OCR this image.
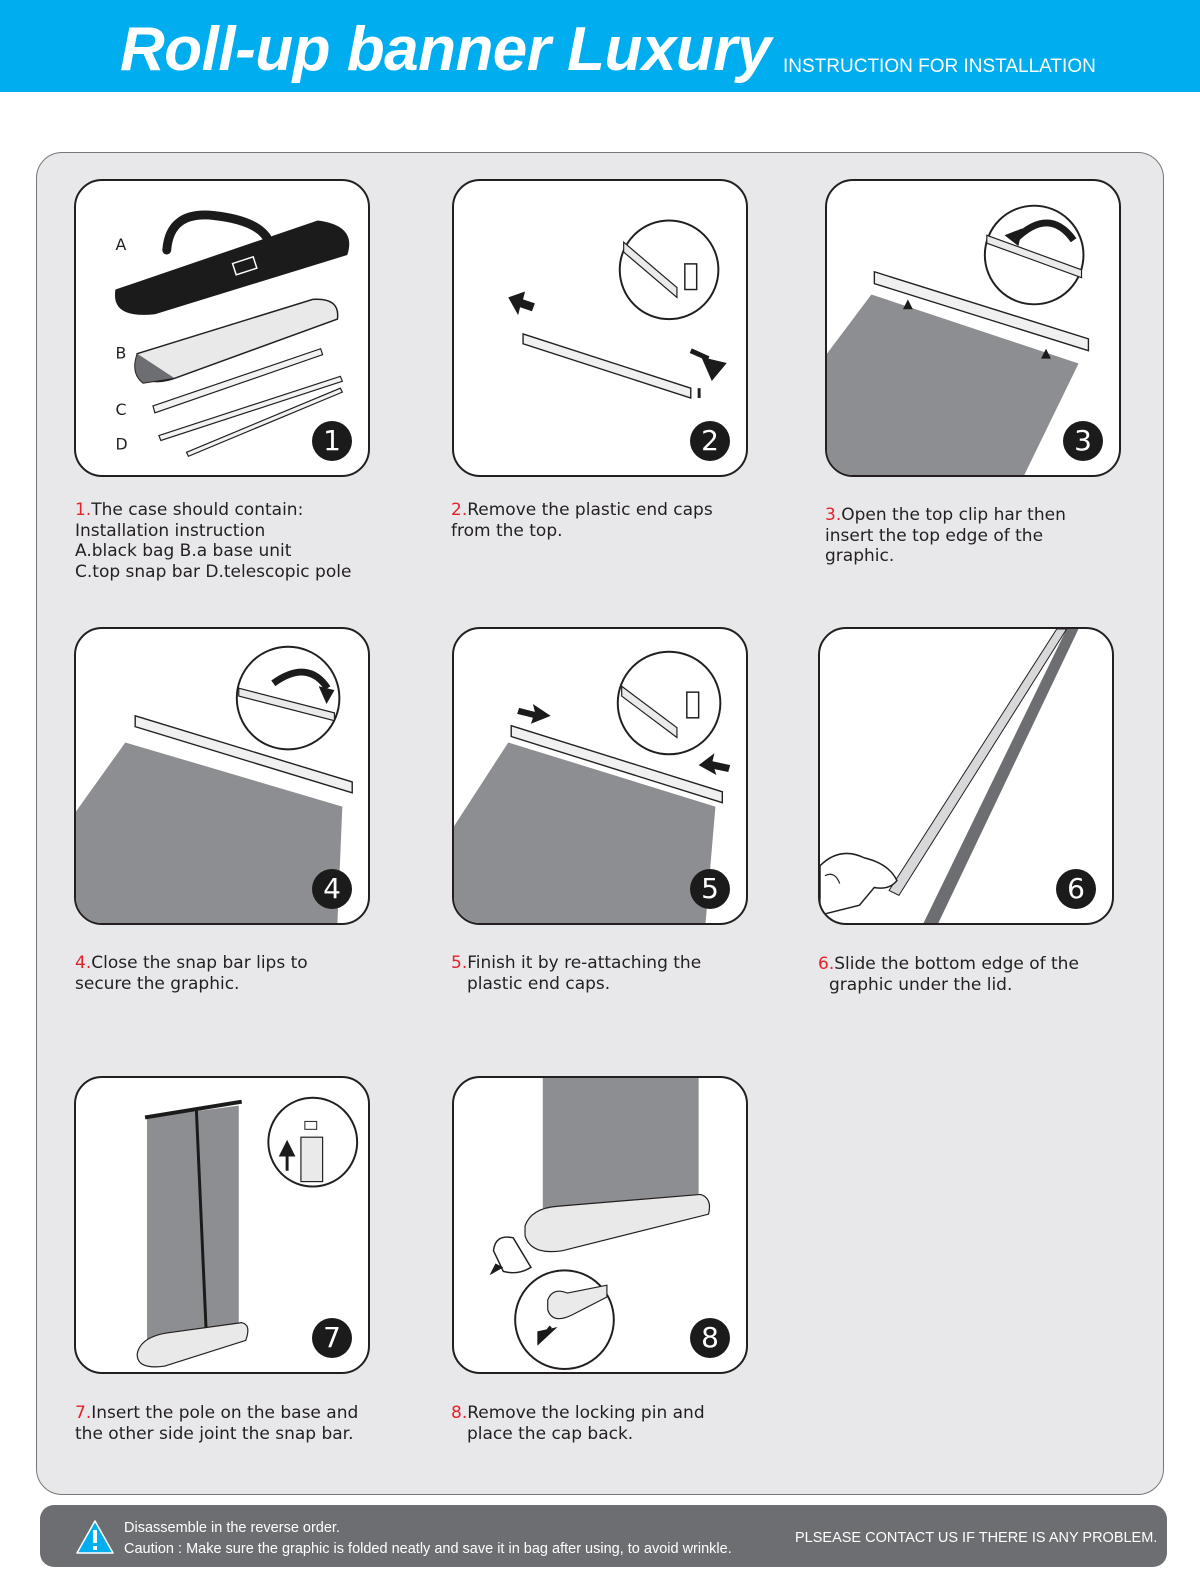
Roll-up banner Luxury INSTRUCTION FOR INSTALLATION
A
B
C
D	1
1.The case should contain:
Installation instruction
A.black bag B.a base unit
C.top snap bar D.telescopic pole
2
2.Remove the plastic end caps
from the top.
3
3.Open the top clip har then
insert the top edge of the
graphic.
4
4.Close the snap bar lips to
secure the graphic.
5
5.Finish it by re-attaching the
plastic end caps.
6
6.Slide the bottom edge of the
graphic under the lid.
7
7.Insert the pole on the base and
the other side joint the snap bar.
8
8.Remove the locking pin and
place the cap back.
Disassemble in the reverse order.
Caution : Make sure the graphic is folded neatly and save it in bag after using, to avoid wrinkle.
PLSEASE CONTACT US IF THERE IS ANY PROBLEM.
